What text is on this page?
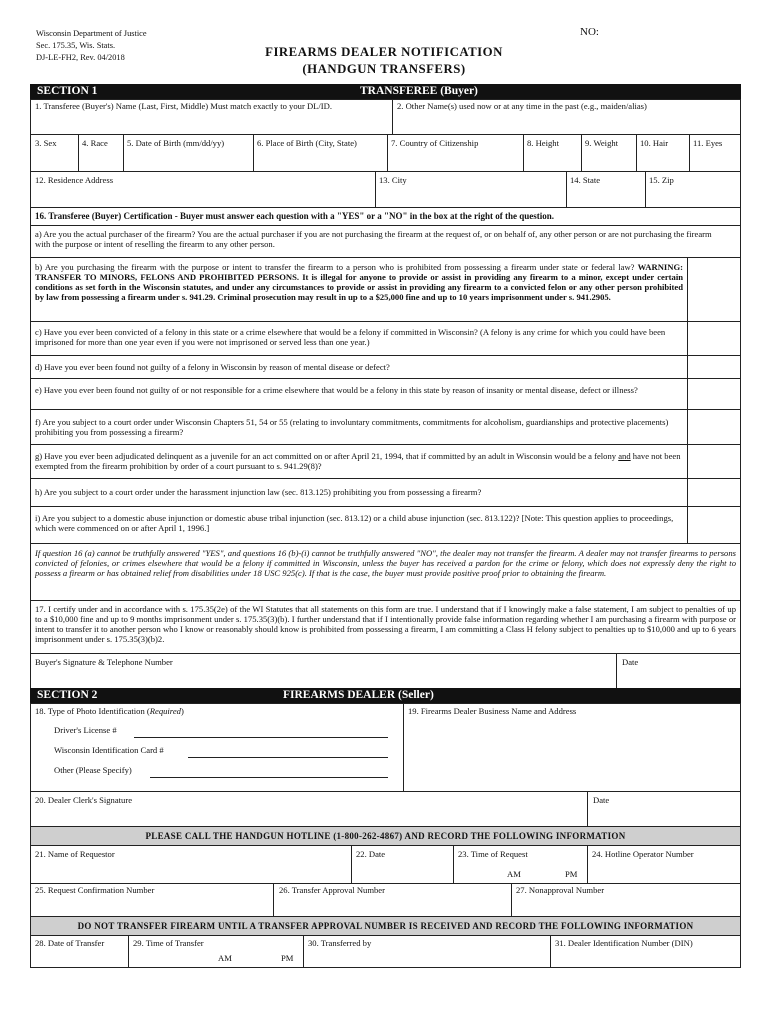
Wisconsin Department of Justice
Sec. 175.35, Wis. Stats.
DJ-LE-FH2, Rev. 04/2018
NO:
FIREARMS DEALER NOTIFICATION
(HANDGUN TRANSFERS)
SECTION 1	TRANSFEREE (Buyer)
1. Transferee (Buyer's) Name (Last, First, Middle) Must match exactly to your DL/ID.	2. Other Name(s) used now or at any time in the past (e.g., maiden/alias)
3. Sex	4. Race 5. Date of Birth (mm/dd/yy)	6. Place of Birth (City, State)	7. Country of Citizenship	8. Height	9. Weight	10. Hair	11. Eyes
12. Residence Address	13. City	14. State	15. Zip
16. Transferee (Buyer) Certification - Buyer must answer each question with a "YES" or a "NO" in the box at the right of the question.
a) Are you the actual purchaser of the firearm? You are the actual purchaser if you are not purchasing the firearm at the request of, or on behalf of, any other person or are not purchasing the firearm with the purpose or intent of reselling the firearm to any other person.
b) Are you purchasing the firearm with the purpose or intent to transfer the firearm to a person who is prohibited from possessing a firearm under state or federal law? WARNING: TRANSFER TO MINORS, FELONS AND PROHIBITED PERSONS. It is illegal for anyone to provide or assist in providing any firearm to a minor, except under certain conditions as set forth in the Wisconsin statutes, and under any circumstances to provide or assist in providing any firearm to a convicted felon or any other person prohibited by law from possessing a firearm under s. 941.29. Criminal prosecution may result in up to a $25,000 fine and up to 10 years imprisonment under s. 941.2905.
c) Have you ever been convicted of a felony in this state or a crime elsewhere that would be a felony if committed in Wisconsin? (A felony is any crime for which you could have been imprisoned for more than one year even if you were not imprisoned or served less than one year.)
d) Have you ever been found not guilty of a felony in Wisconsin by reason of mental disease or defect?
e) Have you ever been found not guilty of or not responsible for a crime elsewhere that would be a felony in this state by reason of insanity or mental disease, defect or illness?
f) Are you subject to a court order under Wisconsin Chapters 51, 54 or 55 (relating to involuntary commitments, commitments for alcoholism, guardianships and protective placements) prohibiting you from possessing a firearm?
g) Have you ever been adjudicated delinquent as a juvenile for an act committed on or after April 21, 1994, that if committed by an adult in Wisconsin would be a felony and have not been exempted from the firearm prohibition by order of a court pursuant to s. 941.29(8)?
h) Are you subject to a court order under the harassment injunction law (sec. 813.125) prohibiting you from possessing a firearm?
i) Are you subject to a domestic abuse injunction or domestic abuse tribal injunction (sec. 813.12) or a child abuse injunction (sec. 813.122)? [Note: This question applies to proceedings, which were commenced on or after April 1, 1996.]
If question 16 (a) cannot be truthfully answered "YES", and questions 16 (b)-(i) cannot be truthfully answered "NO", the dealer may not transfer the firearm. A dealer may not transfer firearms to persons convicted of felonies, or crimes elsewhere that would be a felony if committed in Wisconsin, unless the buyer has received a pardon for the crime or felony, which does not expressly deny the right to possess a firearm or has obtained relief from disabilities under 18 USC 925(c). If that is the case, the buyer must provide positive proof prior to obtaining the firearm.
17. I certify under and in accordance with s. 175.35(2e) of the WI Statutes that all statements on this form are true. I understand that if I knowingly make a false statement, I am subject to penalties of up to a $10,000 fine and up to 9 months imprisonment under s. 175.35(3)(b). I further understand that if I intentionally provide false information regarding whether I am purchasing a firearm with purpose or intent to transfer it to another person who I know or reasonably should know is prohibited from possessing a firearm, I am committing a Class H felony subject to penalties up to $10,000 and up to 6 years imprisonment under s. 175.35(3)(b)2.
Buyer's Signature & Telephone Number	Date
SECTION 2	FIREARMS DEALER (Seller)
18. Type of Photo Identification (Required)
Driver's License #
Wisconsin Identification Card #
Other (Please Specify)
19. Firearms Dealer Business Name and Address
20. Dealer Clerk's Signature	Date
PLEASE CALL THE HANDGUN HOTLINE (1-800-262-4867) AND RECORD THE FOLLOWING INFORMATION
21. Name of Requestor	22. Date	23. Time of Request
AM	PM
24. Hotline Operator Number
25. Request Confirmation Number	26. Transfer Approval Number	27. Nonapproval Number
DO NOT TRANSFER FIREARM UNTIL A TRANSFER APPROVAL NUMBER IS RECEIVED AND RECORD THE FOLLOWING INFORMATION
28. Date of Transfer	29. Time of Transfer
AM	PM
30. Transferred by	31. Dealer Identification Number (DIN)
